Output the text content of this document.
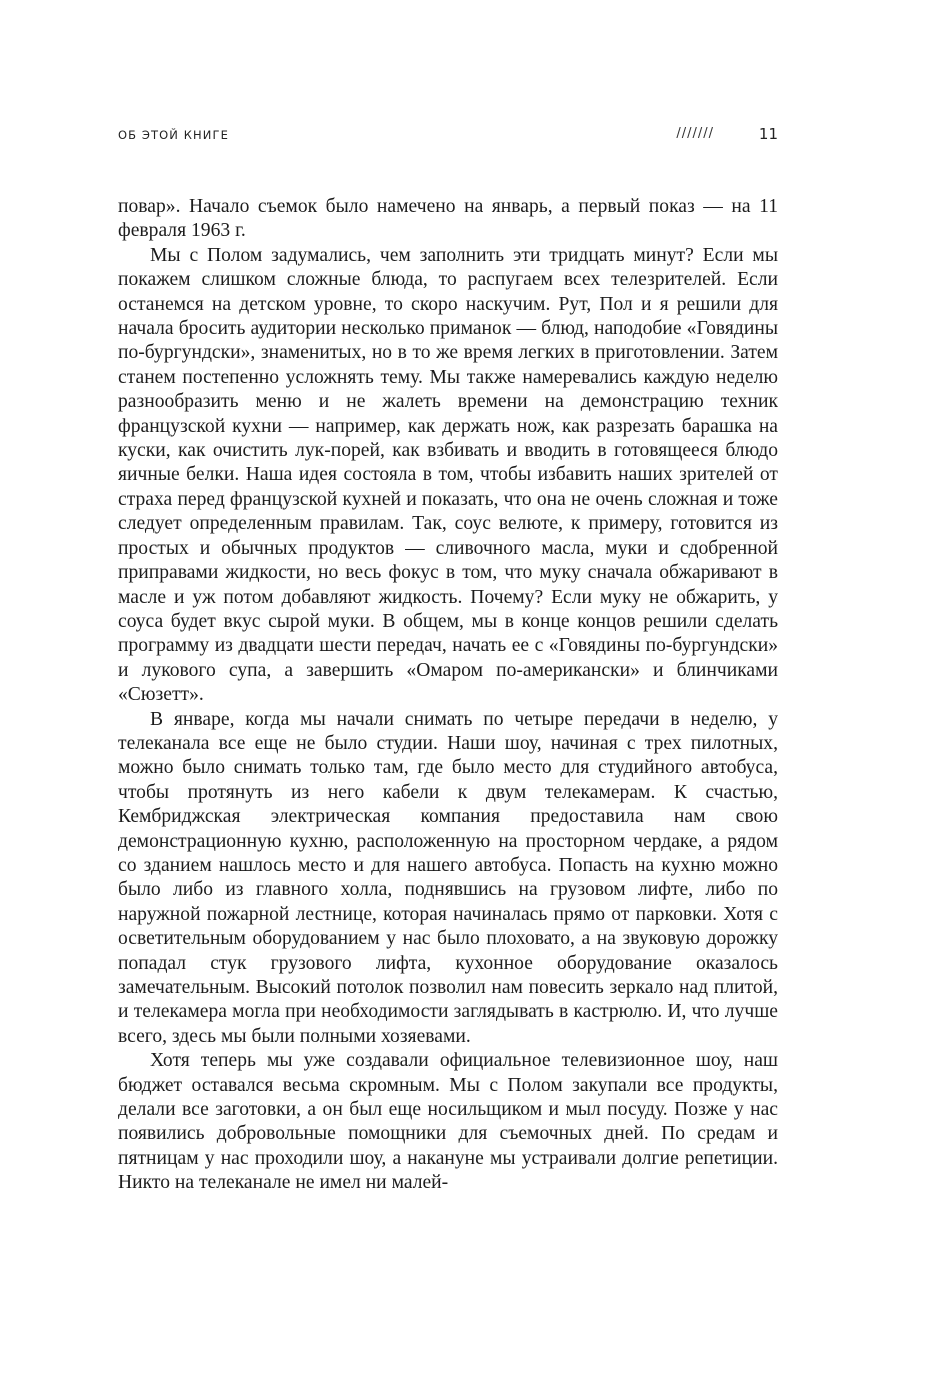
ОБ ЭТОЙ КНИГЕ	///////	11

повар». Начало съемок было намечено на январь, а первый показ — на 11 февраля 1963 г.

Мы с Полом задумались, чем заполнить эти тридцать минут? Если мы покажем слишком сложные блюда, то распугаем всех телезрителей. Если останемся на детском уровне, то скоро наскучим. Рут, Пол и я решили для начала бросить аудитории несколько приманок — блюд, наподобие «Говядины по-бургундски», знаменитых, но в то же время легких в приготовлении. Затем станем постепенно усложнять тему. Мы также намеревались каждую неделю разнообразить меню и не жалеть времени на демонстрацию техник французской кухни — например, как держать нож, как разрезать барашка на куски, как очистить лук-порей, как взбивать и вводить в готовящееся блюдо яичные белки. Наша идея состояла в том, чтобы избавить наших зрителей от страха перед французской кухней и показать, что она не очень сложная и тоже следует определенным правилам. Так, соус велюте, к примеру, готовится из простых и обычных продуктов — сливочного масла, муки и сдобренной приправами жидкости, но весь фокус в том, что муку сначала обжаривают в масле и уж потом добавляют жидкость. Почему? Если муку не обжарить, у соуса будет вкус сырой муки. В общем, мы в конце концов решили сделать программу из двадцати шести передач, начать ее с «Говядины по-бургундски» и лукового супа, а завершить «Омаром по-американски» и блинчиками «Сюзетт».

В январе, когда мы начали снимать по четыре передачи в неделю, у телеканала все еще не было студии. Наши шоу, начиная с трех пилотных, можно было снимать только там, где было место для студийного автобуса, чтобы протянуть из него кабели к двум телекамерам. К счастью, Кембриджская электрическая компания предоставила нам свою демонстрационную кухню, расположенную на просторном чердаке, а рядом со зданием нашлось место и для нашего автобуса. Попасть на кухню можно было либо из главного холла, поднявшись на грузовом лифте, либо по наружной пожарной лестнице, которая начиналась прямо от парковки. Хотя с осветительным оборудованием у нас было плоховато, а на звуковую дорожку попадал стук грузового лифта, кухонное оборудование оказалось замечательным. Высокий потолок позволил нам повесить зеркало над плитой, и телекамера могла при необходимости заглядывать в кастрюлю. И, что лучше всего, здесь мы были полными хозяевами.

Хотя теперь мы уже создавали официальное телевизионное шоу, наш бюджет оставался весьма скромным. Мы с Полом закупали все продукты, делали все заготовки, а он был еще носильщиком и мыл посуду. Позже у нас появились добровольные помощники для съемочных дней. По средам и пятницам у нас проходили шоу, а накануне мы устраивали долгие репетиции. Никто на телеканале не имел ни малей-
